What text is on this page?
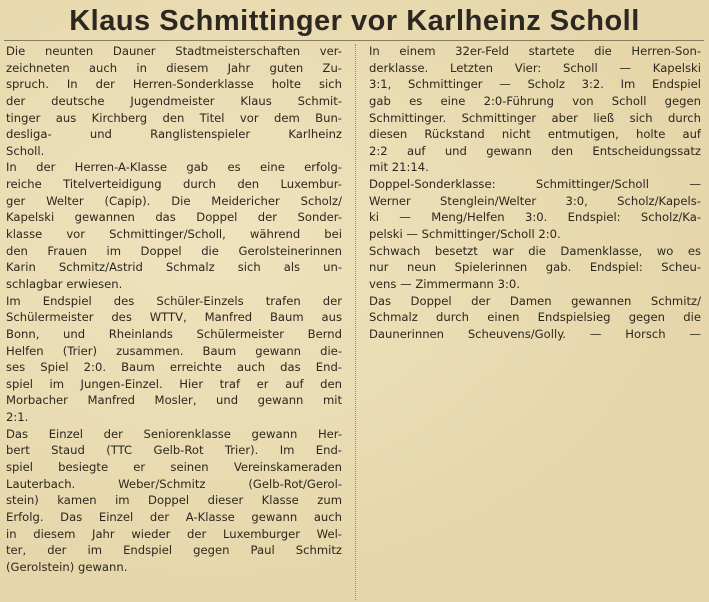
Klaus Schmittinger vor Karlheinz Scholl
Die neunten Dauner Stadtmeisterschaften ver-
zeichneten auch in diesem Jahr guten Zu-
spruch. In der Herren-Sonderklasse holte sich
der deutsche Jugendmeister Klaus Schmit-
tinger aus Kirchberg den Titel vor dem Bun-
desliga- und Ranglistenspieler Karlheinz
Scholl.
In der Herren-A-Klasse gab es eine erfolg-
reiche Titelverteidigung durch den Luxembur-
ger Welter (Capip). Die Meidericher Scholz/
Kapelski gewannen das Doppel der Sonder-
klasse vor Schmittinger/Scholl, während bei
den Frauen im Doppel die Gerolsteinerinnen
Karin Schmitz/Astrid Schmalz sich als un-
schlagbar erwiesen.
Im Endspiel des Schüler-Einzels trafen der
Schülermeister des WTTV, Manfred Baum aus
Bonn, und Rheinlands Schülermeister Bernd
Helfen (Trier) zusammen. Baum gewann die-
ses Spiel 2:0. Baum erreichte auch das End-
spiel im Jungen-Einzel. Hier traf er auf den
Morbacher Manfred Mosler, und gewann mit
2:1.
Das Einzel der Seniorenklasse gewann Her-
bert Staud (TTC Gelb-Rot Trier). Im End-
spiel besiegte er seinen Vereinskameraden
Lauterbach. Weber/Schmitz (Gelb-Rot/Gerol-
stein) kamen im Doppel dieser Klasse zum
Erfolg. Das Einzel der A-Klasse gewann auch
in diesem Jahr wieder der Luxemburger Wel-
ter, der im Endspiel gegen Paul Schmitz
(Gerolstein) gewann.
In einem 32er-Feld startete die Herren-Son-
derklasse. Letzten Vier: Scholl — Kapelski
3:1, Schmittinger — Scholz 3:2. Im Endspiel
gab es eine 2:0-Führung von Scholl gegen
Schmittinger. Schmittinger aber ließ sich durch
diesen Rückstand nicht entmutigen, holte auf
2:2 auf und gewann den Entscheidungssatz
mit 21:14.
Doppel-Sonderklasse: Schmittinger/Scholl —
Werner Stenglein/Welter 3:0, Scholz/Kapels-
ki — Meng/Helfen 3:0. Endspiel: Scholz/Ka-
pelski — Schmittinger/Scholl 2:0.
Schwach besetzt war die Damenklasse, wo es
nur neun Spielerinnen gab. Endspiel: Scheu-
vens — Zimmermann 3:0.
Das Doppel der Damen gewannen Schmitz/
Schmalz durch einen Endspielsieg gegen die
Daunerinnen Scheuvens/Golly. — Horsch —
